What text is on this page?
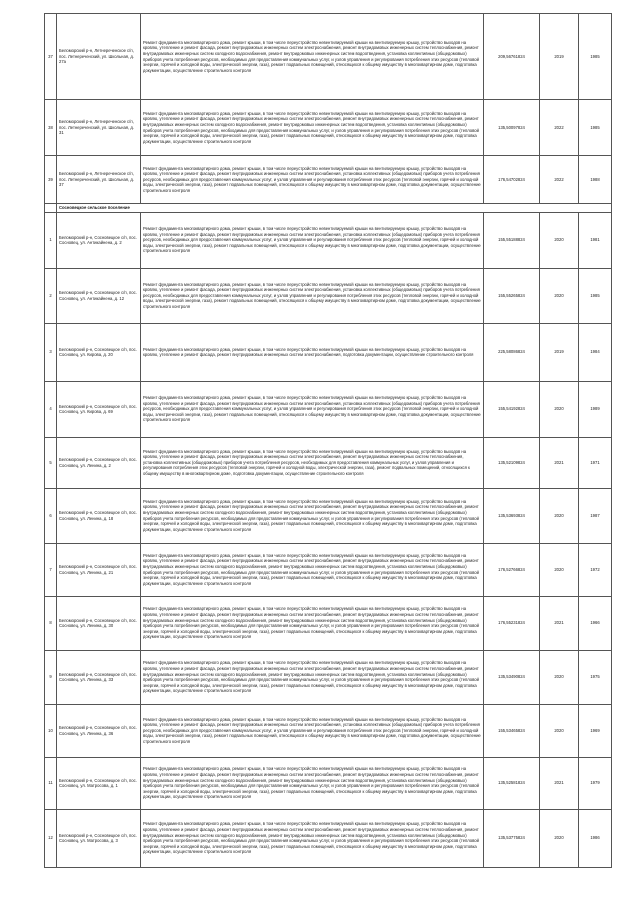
37	Беломорский р-н, Летнереченское с/п, пос. Летнереченский, ул. Школьная, д. 27а	Ремонт фундамента многоквартирного дома, ремонт крыши, в том числе переустройство невентилируемой крыши на вентилируемую крышу, устройство выходов на кровлю, утепление и ремонт фасада, ремонт внутридомовых инженерных систем электроснабжения, ремонт внутридомовых инженерных систем теплоснабжения, ремонт внутридомовых инженерных систем холодного водоснабжения, ремонт внутридомовых инженерных систем водоотведения, установка коллективных (общедомовых) приборов учета потребления ресурсов, необходимых для предоставления коммунальных услуг, и узлов управления и регулирования потребления этих ресурсов (тепловой энергии, горячей и холодной воды, электрической энергии, газа), ремонт подвальных помещений, относящихся к общему имуществу в многоквартирном доме, подготовка документации, осуществление строительного контроля	209,56761824	2019	1985
38	Беломорский р-н, Летнереченское с/п, пос. Летнереченский, ул. Школьная, д. 31	Ремонт фундамента многоквартирного дома, ремонт крыши, в том числе переустройство невентилируемой крыши на вентилируемую крышу, устройство выходов на кровлю, утепление и ремонт фасада, ремонт внутридомовых инженерных систем электроснабжения, ремонт внутридомовых инженерных систем теплоснабжения, ремонт внутридомовых инженерных систем холодного водоснабжения, ремонт внутридомовых инженерных систем водоотведения, установка коллективных (общедомовых) приборов учета потребления ресурсов, необходимых для предоставления коммунальных услуг, и узлов управления и регулирования потребления этих ресурсов (тепловой энергии, горячей и холодной воды, электрической энергии, газа), ремонт подвальных помещений, относящихся к общему имуществу в многоквартирном доме, подготовка документации, осуществление строительного контроля	135,50097824	2022	1985
39	Беломорский р-н, Летнереченское с/п, пос. Летнереченский, ул. Школьная, д. 37	Ремонт фундамента многоквартирного дома, ремонт крыши, в том числе переустройство невентилируемой крыши на вентилируемую крышу, устройство выходов на кровлю, утепление и ремонт фасада, ремонт внутридомовых инженерных систем электроснабжения, установка коллективных (общедомовых) приборов учета потребления ресурсов, необходимых для предоставления коммунальных услуг, и узлов управления и регулирования потребления этих ресурсов (тепловой энергии, горячей и холодной воды, электрической энергии, газа), ремонт подвальных помещений, относящихся к общему имуществу в многоквартирном доме, подготовка документации, осуществление строительного контроля	176,54702824	2022	1988
	Сосновецкое сельское поселение				
1	Беломорский р-н, Сосновецкое с/п, пос. Сосновец, ул. Антикайнена, д. 2	Ремонт фундамента многоквартирного дома, ремонт крыши, в том числе переустройство невентилируемой крыши на вентилируемую крышу, устройство выходов на кровлю, утепление и ремонт фасада, ремонт внутридомовых инженерных систем электроснабжения, установка коллективных (общедомовых) приборов учета потребления ресурсов, необходимых для предоставления коммунальных услуг, и узлов управления и регулирования потребления этих ресурсов (тепловой энергии, горячей и холодной воды, электрической энергии, газа), ремонт подвальных помещений, относящихся к общему имуществу в многоквартирном доме, подготовка документации, осуществление строительного контроля	155,55188824	2020	1981
2	Беломорский р-н, Сосновецкое с/п, пос. Сосновец, ул. Антикайнена, д. 12	Ремонт фундамента многоквартирного дома, ремонт крыши, в том числе переустройство невентилируемой крыши на вентилируемую крышу, устройство выходов на кровлю, утепление и ремонт фасада, ремонт внутридомовых инженерных систем электроснабжения, установка коллективных (общедомовых) приборов учета потребления ресурсов, необходимых для предоставления коммунальных услуг, и узлов управления и регулирования потребления этих ресурсов (тепловой энергии, горячей и холодной воды, электрической энергии, газа), ремонт подвальных помещений, относящихся к общему имуществу в многоквартирном доме, подготовка документации, осуществление строительного контроля	155,55265824	2020	1985
3	Беломорский р-н, Сосновецкое с/п, пос. Сосновец, ул. Кирова, д. 20	Ремонт фундамента многоквартирного дома, ремонт крыши, в том числе переустройство невентилируемой крыши на вентилируемую крышу, устройство выходов на кровлю, утепление и ремонт фасада, ремонт внутридомовых инженерных систем электроснабжения, подготовка документации, осуществление строительного контроля	225,58086824	2019	1984
4	Беломорский р-н, Сосновецкое с/п, пос. Сосновец, ул. Кирова, д. 69	Ремонт фундамента многоквартирного дома, ремонт крыши, в том числе переустройство невентилируемой крыши на вентилируемую крышу, устройство выходов на кровлю, утепление и ремонт фасада, ремонт внутридомовых инженерных систем электроснабжения, установка коллективных (общедомовых) приборов учета потребления ресурсов, необходимых для предоставления коммунальных услуг, и узлов управления и регулирования потребления этих ресурсов (тепловой энергии, горячей и холодной воды, электрической энергии, газа), ремонт подвальных помещений, относящихся к общему имуществу в многоквартирном доме, подготовка документации, осуществление строительного контроля	155,54192824	2020	1989
5	Беломорский р-н, Сосновецкое с/п, пос. Сосновец, ул. Ленина, д. 2	Ремонт фундамента многоквартирного дома, ремонт крыши, в том числе переустройство невентилируемой крыши на вентилируемую крышу, устройство выходов на кровлю, утепление и ремонт фасада, ремонт внутридомовых инженерных систем электроснабжения, ремонт внутридомовых инженерных систем теплоснабжения, установка коллективных (общедомовых) приборов учета потребления ресурсов, необходимых для предоставления коммунальных услуг, и узлов управления и регулирования потребления этих ресурсов (тепловой энергии, горячей и холодной воды, электрической энергии, газа), ремонт подвальных помещений, относящихся к общему имуществу в многоквартирном доме, подготовка документации, осуществление строительного контроля	135,52109824	2021	1971
6	Беломорский р-н, Сосновецкое с/п, пос. Сосновец, ул. Ленина, д. 18	Ремонт фундамента многоквартирного дома, ремонт крыши, в том числе переустройство невентилируемой крыши на вентилируемую крышу, устройство выходов на кровлю, утепление и ремонт фасада, ремонт внутридомовых инженерных систем электроснабжения, ремонт внутридомовых инженерных систем теплоснабжения, ремонт внутридомовых инженерных систем холодного водоснабжения, ремонт внутридомовых инженерных систем водоотведения, установка коллективных (общедомовых) приборов учета потребления ресурсов, необходимых для предоставления коммунальных услуг, и узлов управления и регулирования потребления этих ресурсов (тепловой энергии, горячей и холодной воды, электрической энергии, газа), ремонт подвальных помещений, относящихся к общему имуществу в многоквартирном доме, подготовка документации, осуществление строительного контроля	135,53693824	2020	1987
7	Беломорский р-н, Сосновецкое с/п, пос. Сосновец, ул. Ленина, д. 21	Ремонт фундамента многоквартирного дома, ремонт крыши, в том числе переустройство невентилируемой крыши на вентилируемую крышу, устройство выходов на кровлю, утепление и ремонт фасада, ремонт внутридомовых инженерных систем электроснабжения, ремонт внутридомовых инженерных систем теплоснабжения, ремонт внутридомовых инженерных систем холодного водоснабжения, ремонт внутридомовых инженерных систем водоотведения, установка коллективных (общедомовых) приборов учета потребления ресурсов, необходимых для предоставления коммунальных услуг, и узлов управления и регулирования потребления этих ресурсов (тепловой энергии, горячей и холодной воды, электрической энергии, газа), ремонт подвальных помещений, относящихся к общему имуществу в многоквартирном доме, подготовка документации, осуществление строительного контроля	176,52766824	2020	1972
8	Беломорский р-н, Сосновецкое с/п, пос. Сосновец, ул. Ленина, д. 30	Ремонт фундамента многоквартирного дома, ремонт крыши, в том числе переустройство невентилируемой крыши на вентилируемую крышу, устройство выходов на кровлю, утепление и ремонт фасада, ремонт внутридомовых инженерных систем электроснабжения, ремонт внутридомовых инженерных систем теплоснабжения, ремонт внутридомовых инженерных систем холодного водоснабжения, ремонт внутридомовых инженерных систем водоотведения, установка коллективных (общедомовых) приборов учета потребления ресурсов, необходимых для предоставления коммунальных услуг, и узлов управления и регулирования потребления этих ресурсов (тепловой энергии, горячей и холодной воды, электрической энергии, газа), ремонт подвальных помещений, относящихся к общему имуществу в многоквартирном доме, подготовка документации, осуществление строительного контроля	176,55231824	2021	1966
9	Беломорский р-н, Сосновецкое с/п, пос. Сосновец, ул. Ленина, д. 33	Ремонт фундамента многоквартирного дома, ремонт крыши, в том числе переустройство невентилируемой крыши на вентилируемую крышу, устройство выходов на кровлю, утепление и ремонт фасада, ремонт внутридомовых инженерных систем электроснабжения, ремонт внутридомовых инженерных систем теплоснабжения, ремонт внутридомовых инженерных систем холодного водоснабжения, ремонт внутридомовых инженерных систем водоотведения, установка коллективных (общедомовых) приборов учета потребления ресурсов, необходимых для предоставления коммунальных услуг, и узлов управления и регулирования потребления этих ресурсов (тепловой энергии, горячей и холодной воды, электрической энергии, газа), ремонт подвальных помещений, относящихся к общему имуществу в многоквартирном доме, подготовка документации, осуществление строительного контроля	135,53490824	2020	1975
10	Беломорский р-н, Сосновецкое с/п, пос. Сосновец, ул. Ленина, д. 36	Ремонт фундамента многоквартирного дома, ремонт крыши, в том числе переустройство невентилируемой крыши на вентилируемую крышу, устройство выходов на кровлю, утепление и ремонт фасада, ремонт внутридомовых инженерных систем электроснабжения, установка коллективных (общедомовых) приборов учета потребления ресурсов, необходимых для предоставления коммунальных услуг, и узлов управления и регулирования потребления этих ресурсов (тепловой энергии, горячей и холодной воды, электрической энергии, газа), ремонт подвальных помещений, относящихся к общему имуществу в многоквартирном доме, подготовка документации, осуществление строительного контроля	155,53465824	2020	1969
11	Беломорский р-н, Сосновецкое с/п, пос. Сосновец, ул. Матросова, д. 1	Ремонт фундамента многоквартирного дома, ремонт крыши, в том числе переустройство невентилируемой крыши на вентилируемую крышу, устройство выходов на кровлю, утепление и ремонт фасада, ремонт внутридомовых инженерных систем электроснабжения, ремонт внутридомовых инженерных систем теплоснабжения, ремонт внутридомовых инженерных систем холодного водоснабжения, ремонт внутридомовых инженерных систем водоотведения, установка коллективных (общедомовых) приборов учета потребления ресурсов, необходимых для предоставления коммунальных услуг, и узлов управления и регулирования потребления этих ресурсов (тепловой энергии, горячей и холодной воды, электрической энергии, газа), ремонт подвальных помещений, относящихся к общему имуществу в многоквартирном доме, подготовка документации, осуществление строительного контроля	135,52581824	2021	1979
12	Беломорский р-н, Сосновецкое с/п, пос. Сосновец, ул. Матросова, д. 3	Ремонт фундамента многоквартирного дома, ремонт крыши, в том числе переустройство невентилируемой крыши на вентилируемую крышу, устройство выходов на кровлю, утепление и ремонт фасада, ремонт внутридомовых инженерных систем электроснабжения, ремонт внутридомовых инженерных систем теплоснабжения, ремонт внутридомовых инженерных систем холодного водоснабжения, ремонт внутридомовых инженерных систем водоотведения, установка коллективных (общедомовых) приборов учета потребления ресурсов, необходимых для предоставления коммунальных услуг, и узлов управления и регулирования потребления этих ресурсов (тепловой энергии, горячей и холодной воды, электрической энергии, газа), ремонт подвальных помещений, относящихся к общему имуществу в многоквартирном доме, подготовка документации, осуществление строительного контроля	135,53775824	2020	1986
